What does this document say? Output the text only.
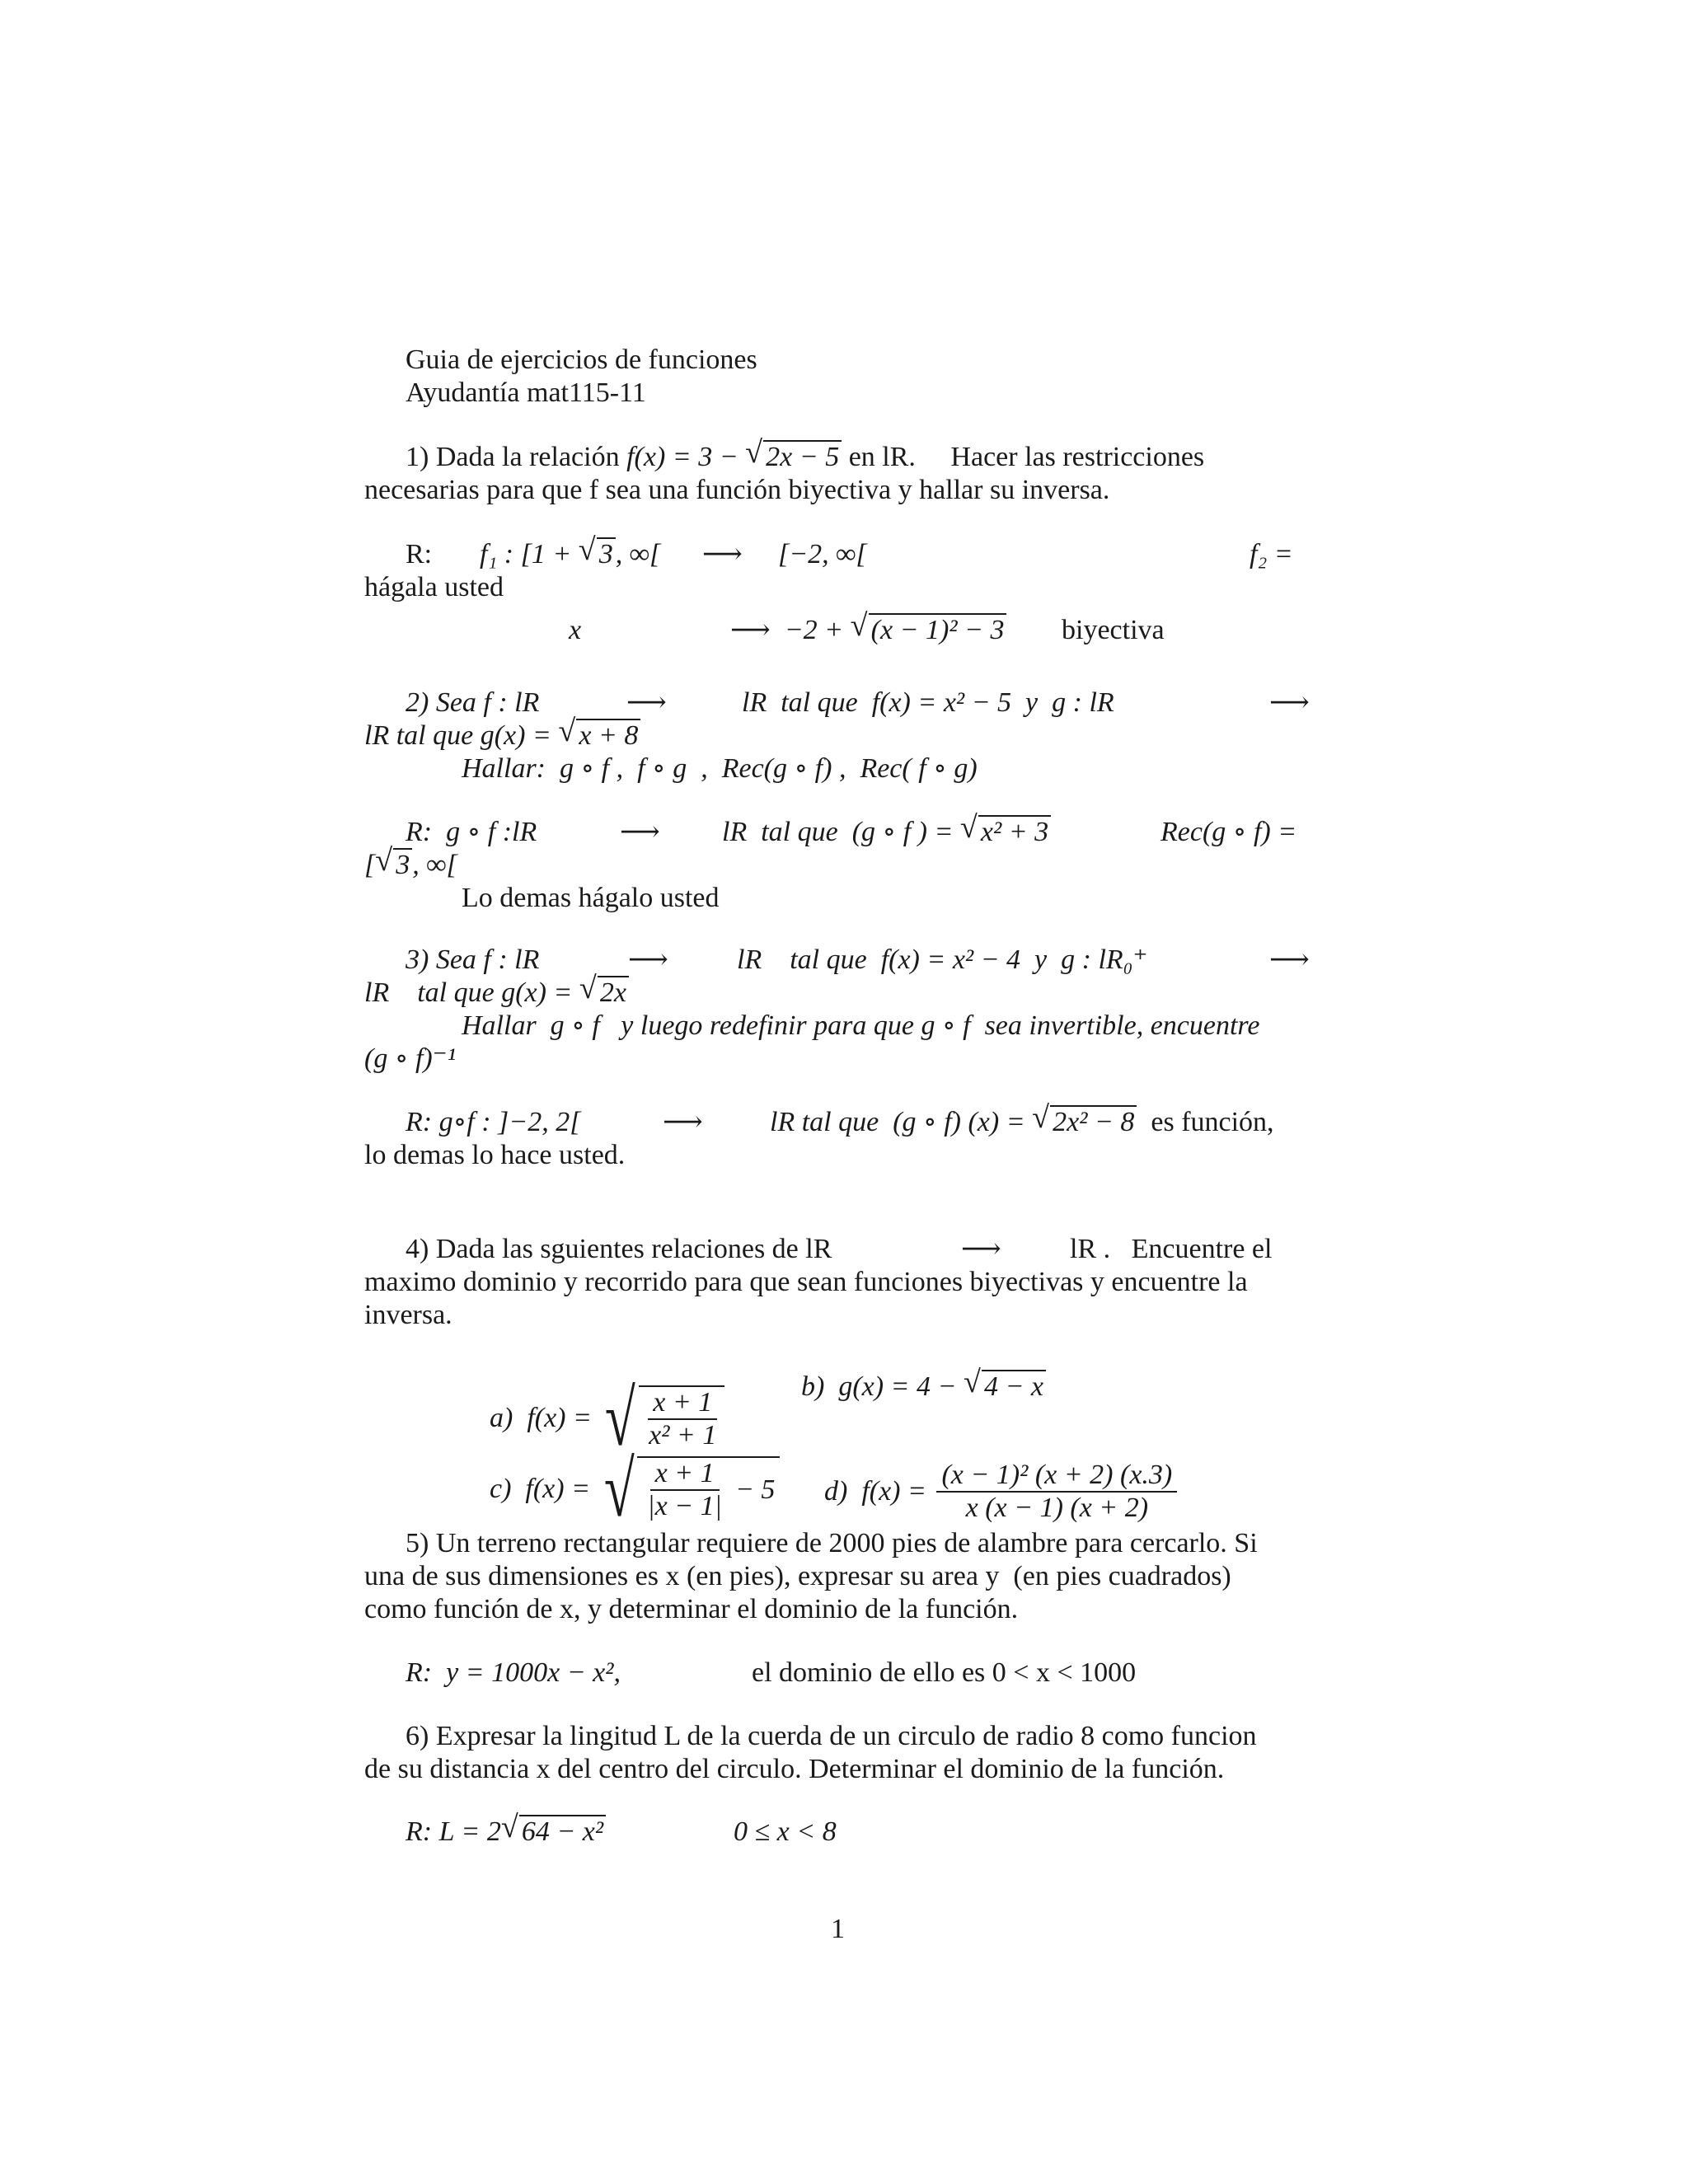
Guia de ejercicios de funciones
Ayudantía mat115-11
1) Dada la relación f(x) = 3 − √ 2x − 5 en lR.     Hacer las restricciones
necesarias para que f sea una función biyectiva y hallar su inversa.
R: f₁ : [1 + √ 3, ∞[ ⟶ [−2, ∞[	f₂ =
hágala usted
x	⟶  −2 + √ (x − 1)² − 3 biyectiva
2) Sea f : lR	⟶	lR  tal que  f(x) = x² − 5  y  g : lR	⟶
lR tal que g(x) = √ x + 8
Hallar:  g ∘ f ,  f ∘ g  ,  Rec(g ∘ f) ,  Rec( f ∘ g)
R:  g ∘ f :lR	⟶ lR  tal que  (g ∘ f ) = √ x² + 3	Rec(g ∘ f) =
[ √ 3, ∞[
Lo demas hágalo usted
3) Sea f : lR	⟶ lR    tal que  f(x) = x² − 4  y  g : lR₀⁺	⟶
lR    tal que g(x) = √ 2x
Hallar  g ∘ f   y luego redefinir para que g ∘ f  sea invertible, encuentre
(g ∘ f)⁻¹
R: g∘f : ]−2, 2[	⟶ lR tal que  (g ∘ f) (x) = √ 2x² − 8  es función,
lo demas lo hace usted.
4) Dada las sguientes relaciones de lR	⟶ lR .   Encuentre el
maximo dominio y recorrido para que sean funciones biyectivas y encuentre la
inversa.

a)  f(x) = √ $\frac{x + 1}{\text{x² + 1}}$

b)  g(x) = 4 − √ 4 − x

c)  f(x) = √ $\frac{x + 1}{|x - 1|} - 5$

	d)  $f(x) = \frac{\text{(x − 1)² (x + 2) (x.3)}}{x (x - 1) (x + 2)}$

5) Un terreno rectangular requiere de 2000 pies de alambre para cercarlo. Si
una de sus dimensiones es x (en pies), expresar su area y  (en pies cuadrados)
como función de x, y determinar el dominio de la función.
R:  y = 1000x − x²,	el dominio de ello es 0 < x < 1000
6) Expresar la lingitud L de la cuerda de un circulo de radio 8 como funcion
de su distancia x del centro del circulo. Determinar el dominio de la función.
R: L = 2 √ 64 − x²	0 ≤ x < 8
1
